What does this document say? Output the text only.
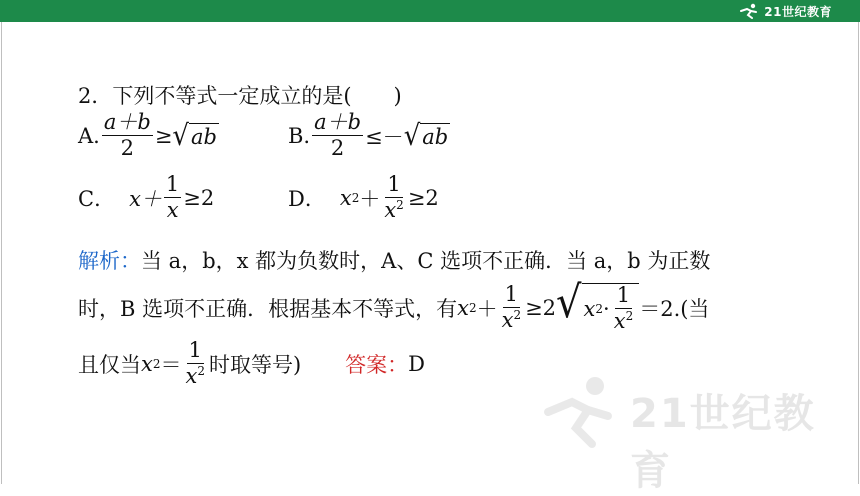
21世纪教育
2．下列不等式一定成立的是(　　)
A. $\frac{a+b}{2}$ ≥ √ ab	B. $\frac{a+b}{2}$ ≤－ √ ab
C． $x+ \frac{1}{x} \ge 2$	D． x $2 + \frac{1}{x^2} \ge 2$
解析： 当 a，b，x 都为负数时，A、C 选项不正确．当 a，b 为正数
时，B 选项不正确．根据基本不等式，有 x $2 + \frac{1}{x^2} \ge 2$ √ x $2 \cdot \frac{1}{x^2} =2$.(当
且仅当 x $2 = \frac{1}{x^2}$ 时取等号) 答案： D
21世纪教育
